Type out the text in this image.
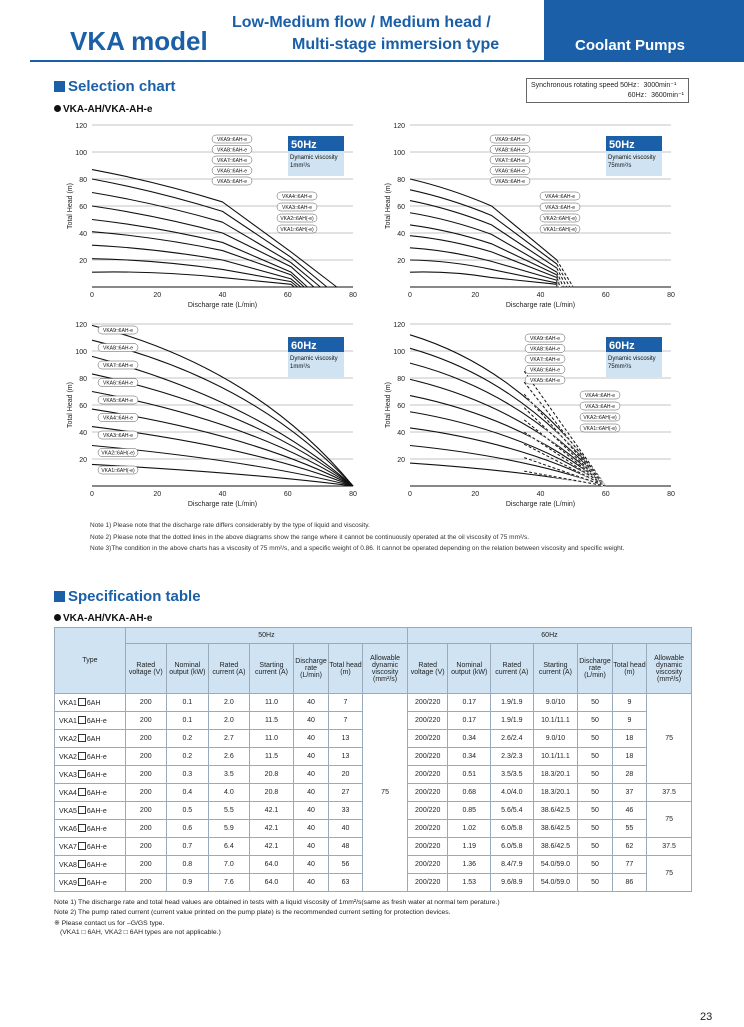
Coolant Pumps
VKA model
Low-Medium flow / Medium head /
Multi-stage immersion type
Selection chart
VKA-AH/VKA-AH-e
Synchronous rotating speed 50Hz：3000min⁻¹
60Hz：3600min⁻¹
20
40
60
80
100
120
0	20	40	60	80
Discharge rate (L/min)
Total Head (m)
VKA9□6AH-e
VKA8□6AH-e
VKA7□6AH-e
VKA6□6AH-e
VKA5□6AH-e
VKA4□6AH-e
VKA3□6AH-e
VKA2□6AH(-e)
VKA1□6AH(-e)
50Hz
Dynamic viscosity
1mm²/s
20
40
60
80
100
120
0	20	40	60	80
Discharge rate (L/min)
Total Head (m)
VKA9□6AH-e
VKA8□6AH-e
VKA7□6AH-e
VKA6□6AH-e
VKA5□6AH-e
VKA4□6AH-e
VKA3□6AH-e
VKA2□6AH(-e)
VKA1□6AH(-e)
50Hz
Dynamic viscosity
75mm²/s
20
40
60
80
100
120
0	20	40	60	80
Discharge rate (L/min)
Total Head (m)
VKA9□6AH-e
VKA8□6AH-e
VKA7□6AH-e
VKA6□6AH-e
VKA5□6AH-e
VKA4□6AH-e
VKA3□6AH-e
VKA2□6AH(-e)
VKA1□6AH(-e)
60Hz
Dynamic viscosity
1mm²/s
20
40
60
80
100
120
0	20	40	60	80
Discharge rate (L/min)
Total Head (m)
VKA9□6AH-e
VKA8□6AH-e
VKA7□6AH-e
VKA6□6AH-e
VKA5□6AH-e
VKA4□6AH-e
VKA3□6AH-e
VKA2□6AH(-e)
VKA1□6AH(-e)
60Hz
Dynamic viscosity
75mm²/s
Note 1) Please note that the discharge rate differs considerably by the type of liquid and viscosity.
Note 2) Please note that the dotted lines in the above diagrams show the range where it cannot be continuously operated at the oil viscosity of 75 mm²/s.
Note 3)The condition in the above charts has a viscosity of 75 mm²/s, and a specific weight of 0.86. It cannot be operated depending on the relation between viscosity and specific weight.
Specification table
VKA-AH/VKA-AH-e
Type	50Hz							60Hz						
	Rated voltage (V)	Nominal output (kW)	Rated current (A)	Starting current (A)	Discharge rate (L/min)	Total head (m)	Allowable dynamic viscosity (mm²/s)	Rated voltage (V)	Nominal output (kW)	Rated current (A)	Starting current (A)	Discharge rate (L/min)	Total head (m)	Allowable dynamic viscosity (mm²/s)
VKA1 6AH	200	0.1	2.0	11.0	40	7	75	200/220	0.17	1.9/1.9	9.0/10	50	9	75
VKA1 6AH-e	200	0.1	2.0	11.5	40	7		200/220	0.17	1.9/1.9	10.1/11.1	50	9	
VKA2 6AH	200	0.2	2.7	11.0	40	13		200/220	0.34	2.6/2.4	9.0/10	50	18	
VKA2 6AH-e	200	0.2	2.6	11.5	40	13		200/220	0.34	2.3/2.3	10.1/11.1	50	18	
VKA3 6AH-e	200	0.3	3.5	20.8	40	20		200/220	0.51	3.5/3.5	18.3/20.1	50	28	
VKA4 6AH-e	200	0.4	4.0	20.8	40	27		200/220	0.68	4.0/4.0	18.3/20.1	50	37	37.5
VKA5 6AH-e	200	0.5	5.5	42.1	40	33		200/220	0.85	5.6/5.4	38.6/42.5	50	46	75
VKA6 6AH-e	200	0.6	5.9	42.1	40	40		200/220	1.02	6.0/5.8	38.6/42.5	50	55	
VKA7 6AH-e	200	0.7	6.4	42.1	40	48		200/220	1.19	6.0/5.8	38.6/42.5	50	62	37.5
VKA8 6AH-e	200	0.8	7.0	64.0	40	56		200/220	1.36	8.4/7.9	54.0/59.0	50	77	75
VKA9 6AH-e	200	0.9	7.6	64.0	40	63		200/220	1.53	9.6/8.9	54.0/59.0	50	86	
Note 1) The discharge rate and total head values are obtained in tests with a liquid viscosity of 1mm²/s(same as fresh water at normal tem perature.)
Note 2) The pump rated current (current value printed on the pump plate) is the recommended current setting for protection devices.
※ Please contact us for –G/GS type.
(VKA1 □ 6AH, VKA2 □ 6AH types are not applicable.)
23
